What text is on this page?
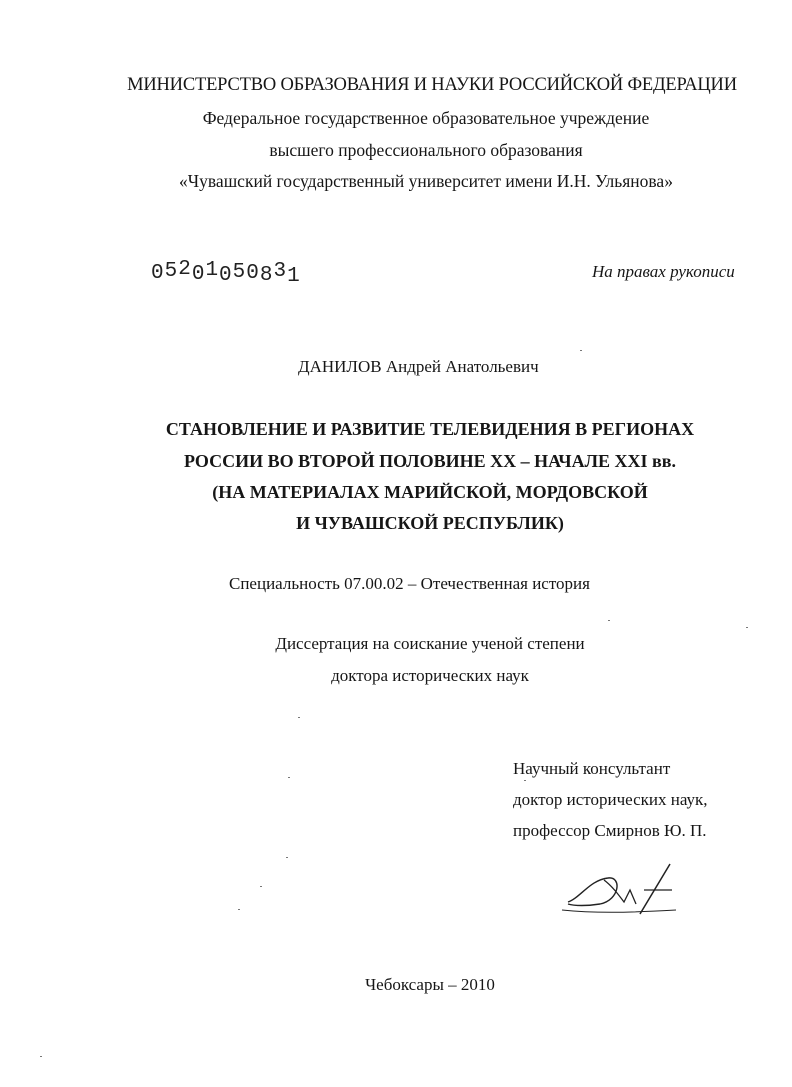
МИНИСТЕРСТВО ОБРАЗОВАНИЯ И НАУКИ РОССИЙСКОЙ ФЕДЕРАЦИИ
Федеральное государственное образовательное учреждение
высшего профессионального образования
«Чувашский государственный университет имени И.Н. Ульянова»
05201050831	На правах рукописи
ДАНИЛОВ Андрей Анатольевич
СТАНОВЛЕНИЕ И РАЗВИТИЕ ТЕЛЕВИДЕНИЯ В РЕГИОНАХ
РОССИИ ВО ВТОРОЙ ПОЛОВИНЕ XX – НАЧАЛЕ XXI вв.
(НА МАТЕРИАЛАХ МАРИЙСКОЙ, МОРДОВСКОЙ
И ЧУВАШСКОЙ РЕСПУБЛИК)
Специальность 07.00.02 – Отечественная история
Диссертация на соискание ученой степени
доктора исторических наук
Научный консультант
доктор исторических наук,
профессор Смирнов Ю. П.
Чебоксары – 2010
